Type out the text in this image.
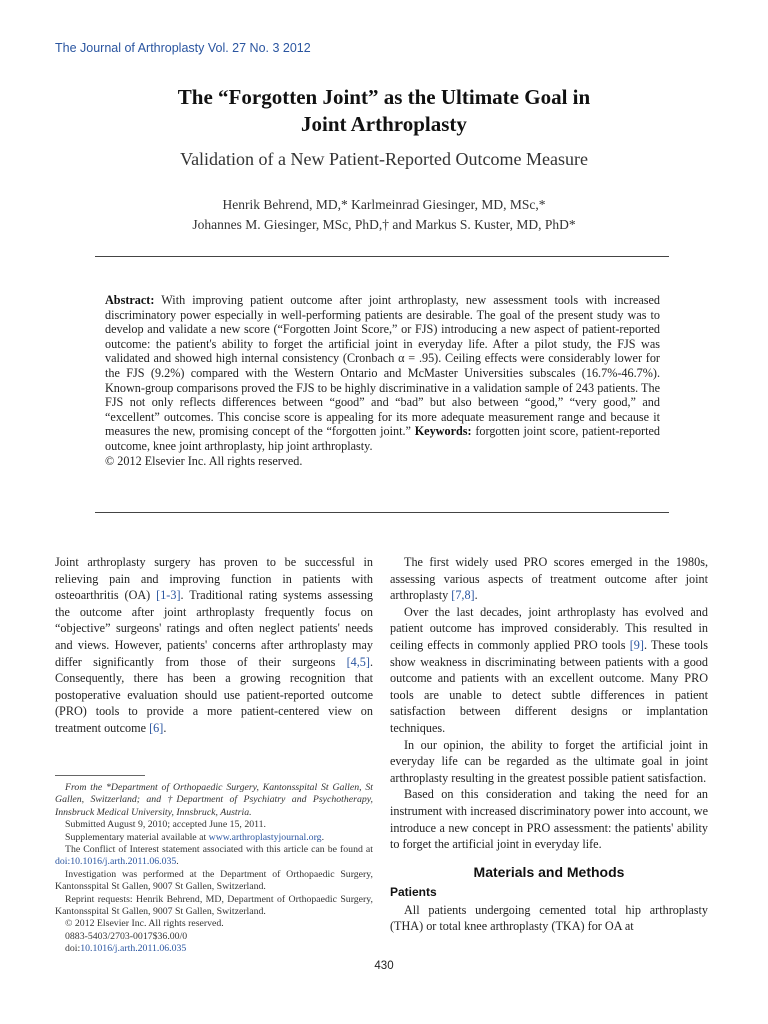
The Journal of Arthroplasty Vol. 27 No. 3 2012
The “Forgotten Joint” as the Ultimate Goal in
Joint Arthroplasty
Validation of a New Patient-Reported Outcome Measure
Henrik Behrend, MD,* Karlmeinrad Giesinger, MD, MSc,*
Johannes M. Giesinger, MSc, PhD,† and Markus S. Kuster, MD, PhD*
Abstract: With improving patient outcome after joint arthroplasty, new assessment tools with increased discriminatory power especially in well-performing patients are desirable. The goal of the present study was to develop and validate a new score (“Forgotten Joint Score,” or FJS) introducing a new aspect of patient-reported outcome: the patient's ability to forget the artificial joint in everyday life. After a pilot study, the FJS was validated and showed high internal consistency (Cronbach α = .95). Ceiling effects were considerably lower for the FJS (9.2%) compared with the Western Ontario and McMaster Universities subscales (16.7%-46.7%). Known-group comparisons proved the FJS to be highly discriminative in a validation sample of 243 patients. The FJS not only reflects differences between “good” and “bad” but also between “good,” “very good,” and “excellent” outcomes. This concise score is appealing for its more adequate measurement range and because it measures the new, promising concept of the “forgotten joint.” Keywords: forgotten joint score, patient-reported outcome, knee joint arthroplasty, hip joint arthroplasty.
© 2012 Elsevier Inc. All rights reserved.

Joint arthroplasty surgery has proven to be successful in relieving pain and improving function in patients with osteoarthritis (OA) [1-3]. Traditional rating systems assessing the outcome after joint arthroplasty frequently focus on “objective” surgeons' ratings and often neglect patients' needs and views. However, patients' concerns after arthroplasty may differ significantly from those of their surgeons [4,5]. Consequently, there has been a growing recognition that postoperative evaluation should use patient-reported outcome (PRO) tools to provide a more patient-centered view on treatment outcome [6].

From the *Department of Orthopaedic Surgery, Kantonsspital St Gallen, St Gallen, Switzerland; and †Department of Psychiatry and Psychotherapy, Innsbruck Medical University, Innsbruck, Austria.

Submitted August 9, 2010; accepted June 15, 2011.

Supplementary material available at www.arthroplastyjournal.org.

The Conflict of Interest statement associated with this article can be found at doi:10.1016/j.arth.2011.06.035.

Investigation was performed at the Department of Orthopaedic Surgery, Kantonsspital St Gallen, 9007 St Gallen, Switzerland.

Reprint requests: Henrik Behrend, MD, Department of Orthopaedic Surgery, Kantonsspital St Gallen, 9007 St Gallen, Switzerland.

© 2012 Elsevier Inc. All rights reserved.

0883-5403/2703-0017$36.00/0

doi:10.1016/j.arth.2011.06.035

The first widely used PRO scores emerged in the 1980s, assessing various aspects of treatment outcome after joint arthroplasty [7,8].

Over the last decades, joint arthroplasty has evolved and patient outcome has improved considerably. This resulted in ceiling effects in commonly applied PRO tools [9]. These tools show weakness in discriminating between patients with a good outcome and patients with an excellent outcome. Many PRO tools are unable to detect subtle differences in patient satisfaction between different designs or implantation techniques.

In our opinion, the ability to forget the artificial joint in everyday life can be regarded as the ultimate goal in joint arthroplasty resulting in the greatest possible patient satisfaction.

Based on this consideration and taking the need for an instrument with increased discriminatory power into account, we introduce a new concept in PRO assessment: the patients' ability to forget the artificial joint in everyday life.

Materials and Methods
Patients

All patients undergoing cemented total hip arthroplasty (THA) or total knee arthroplasty (TKA) for OA at

430
